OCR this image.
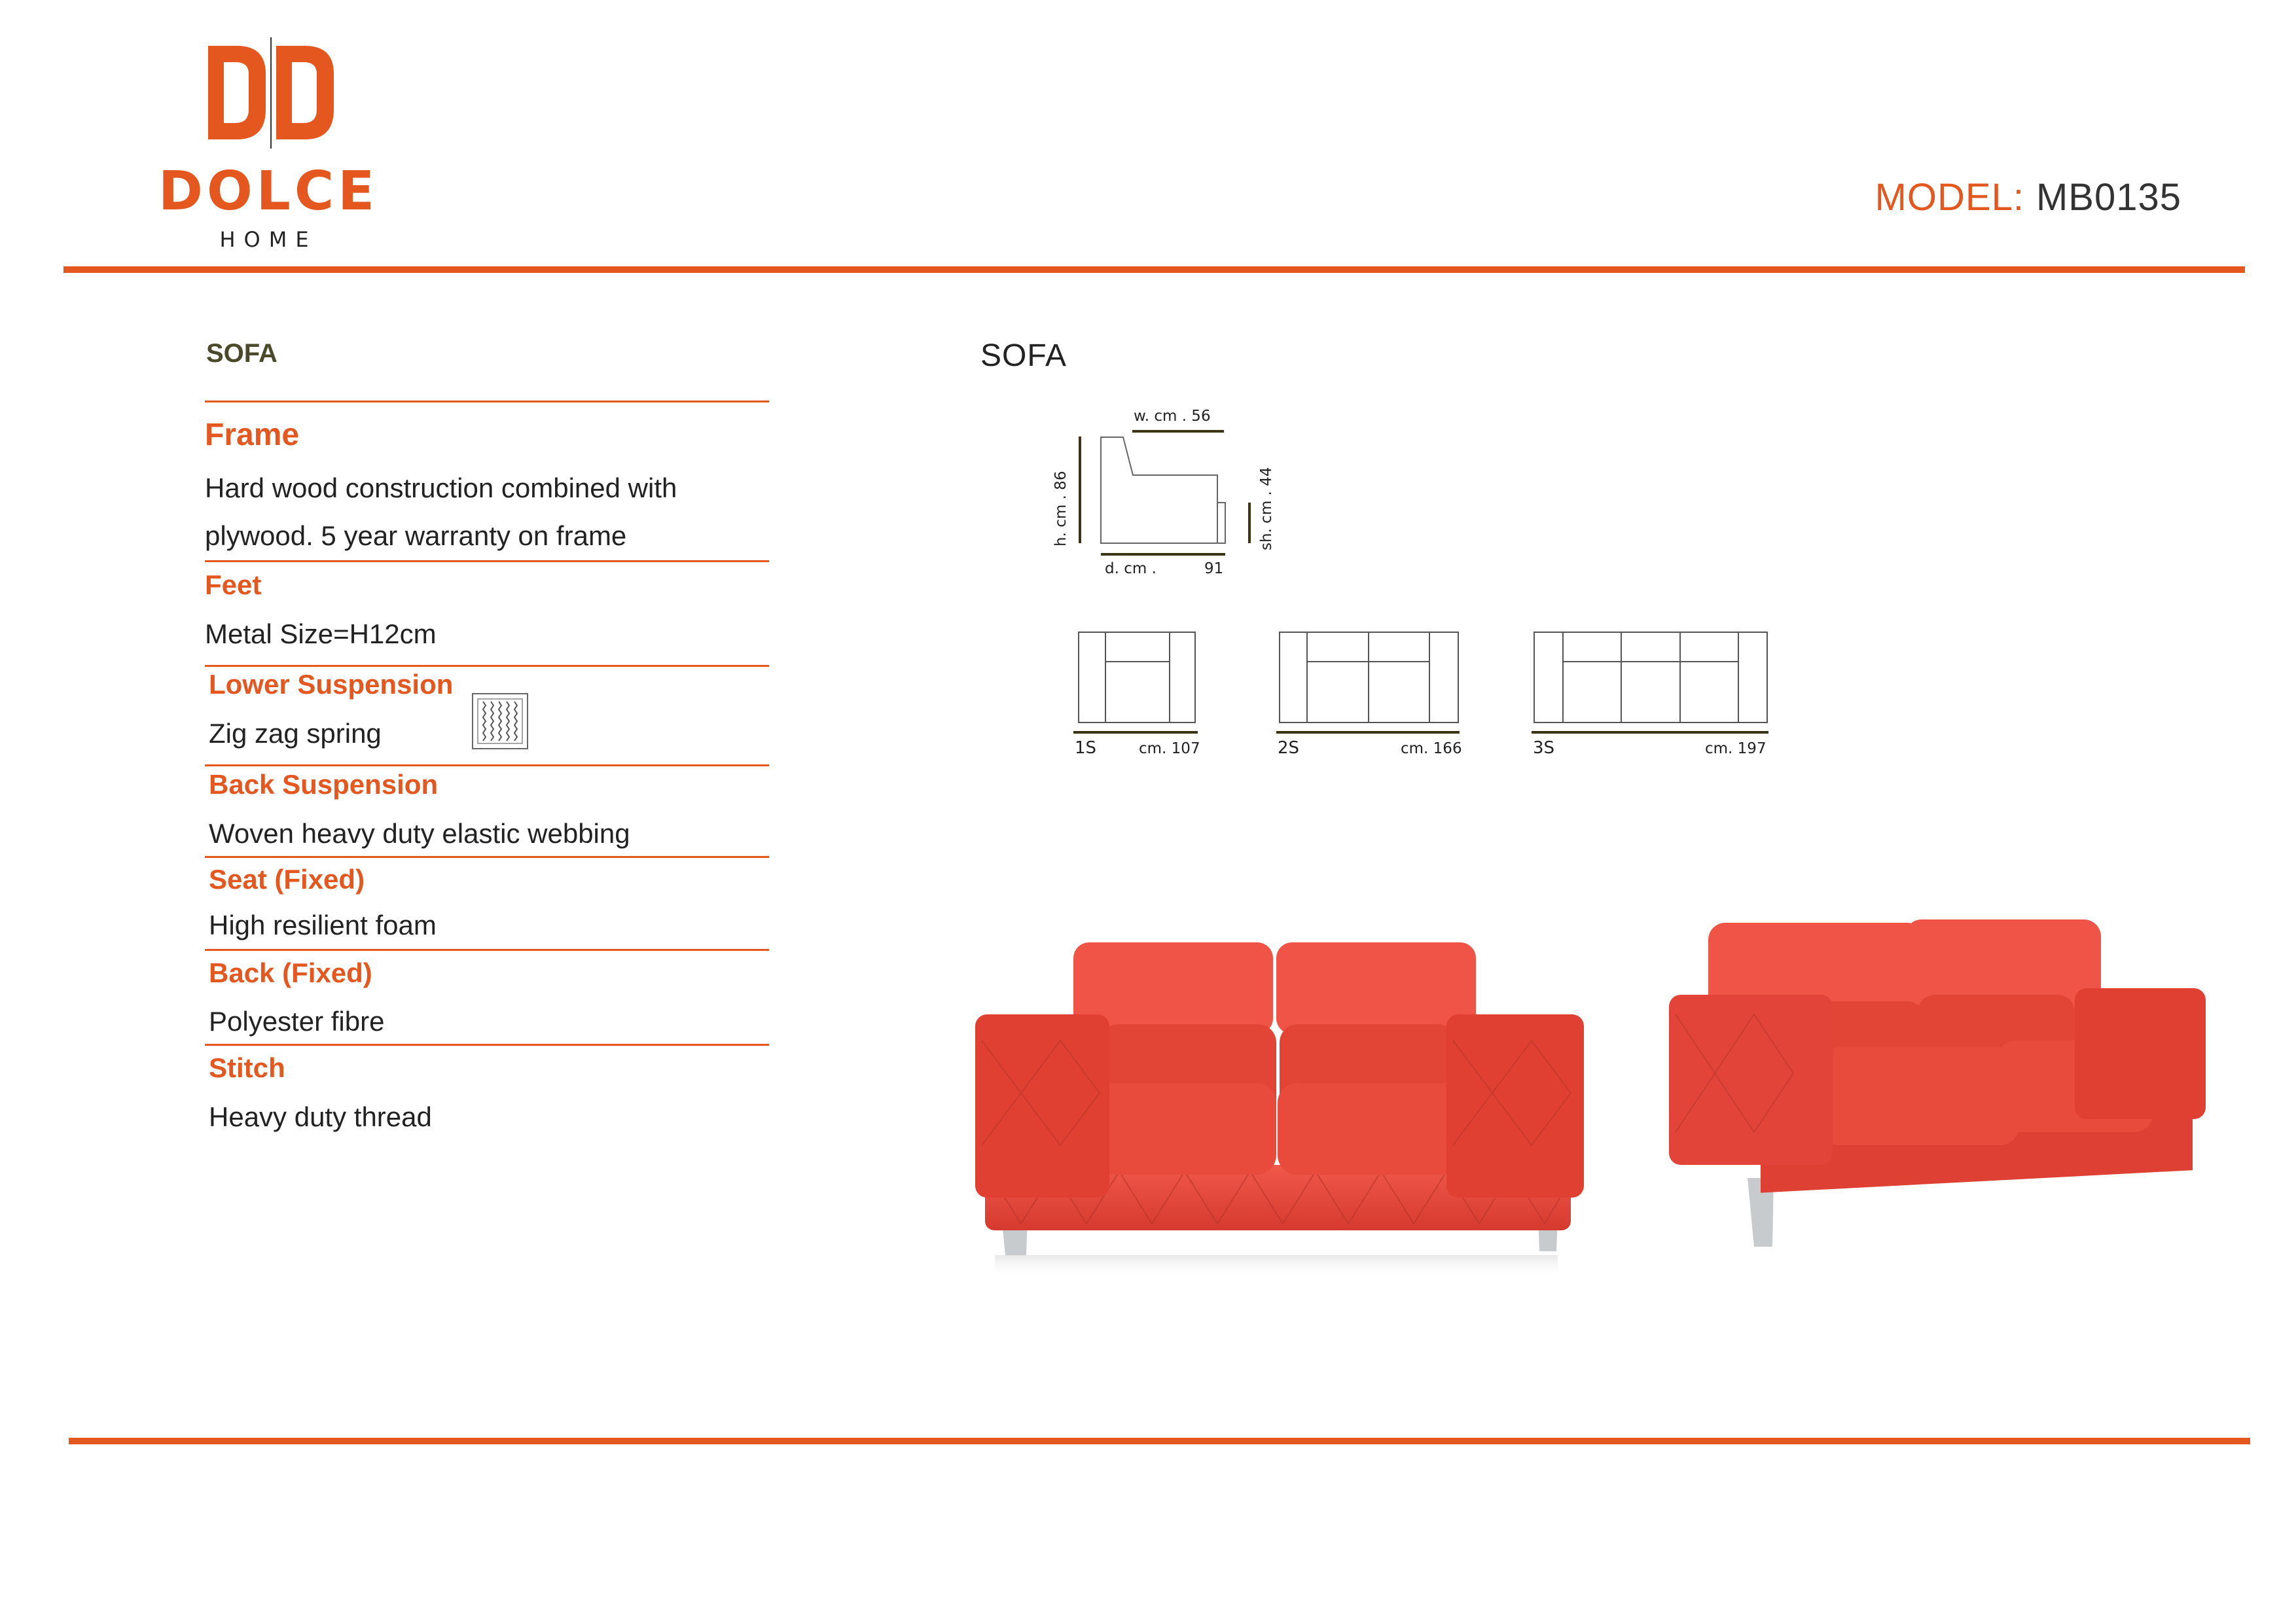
DOLCE
HOME
MODEL: MB0135
SOFA
Frame
Hard wood construction combined with
plywood. 5 year warranty on frame
Feet
Metal Size=H12cm
Lower Suspension
Zig zag spring
Back Suspension
Woven heavy duty elastic webbing
Seat (Fixed)
High resilient foam
Back (Fixed)
Polyester fibre
Stitch
Heavy duty thread
SOFA
w. cm . 56
h. cm . 86
sh. cm . 44
d. cm .	91
1S	cm. 107	2S	cm. 166	3S	cm. 197
